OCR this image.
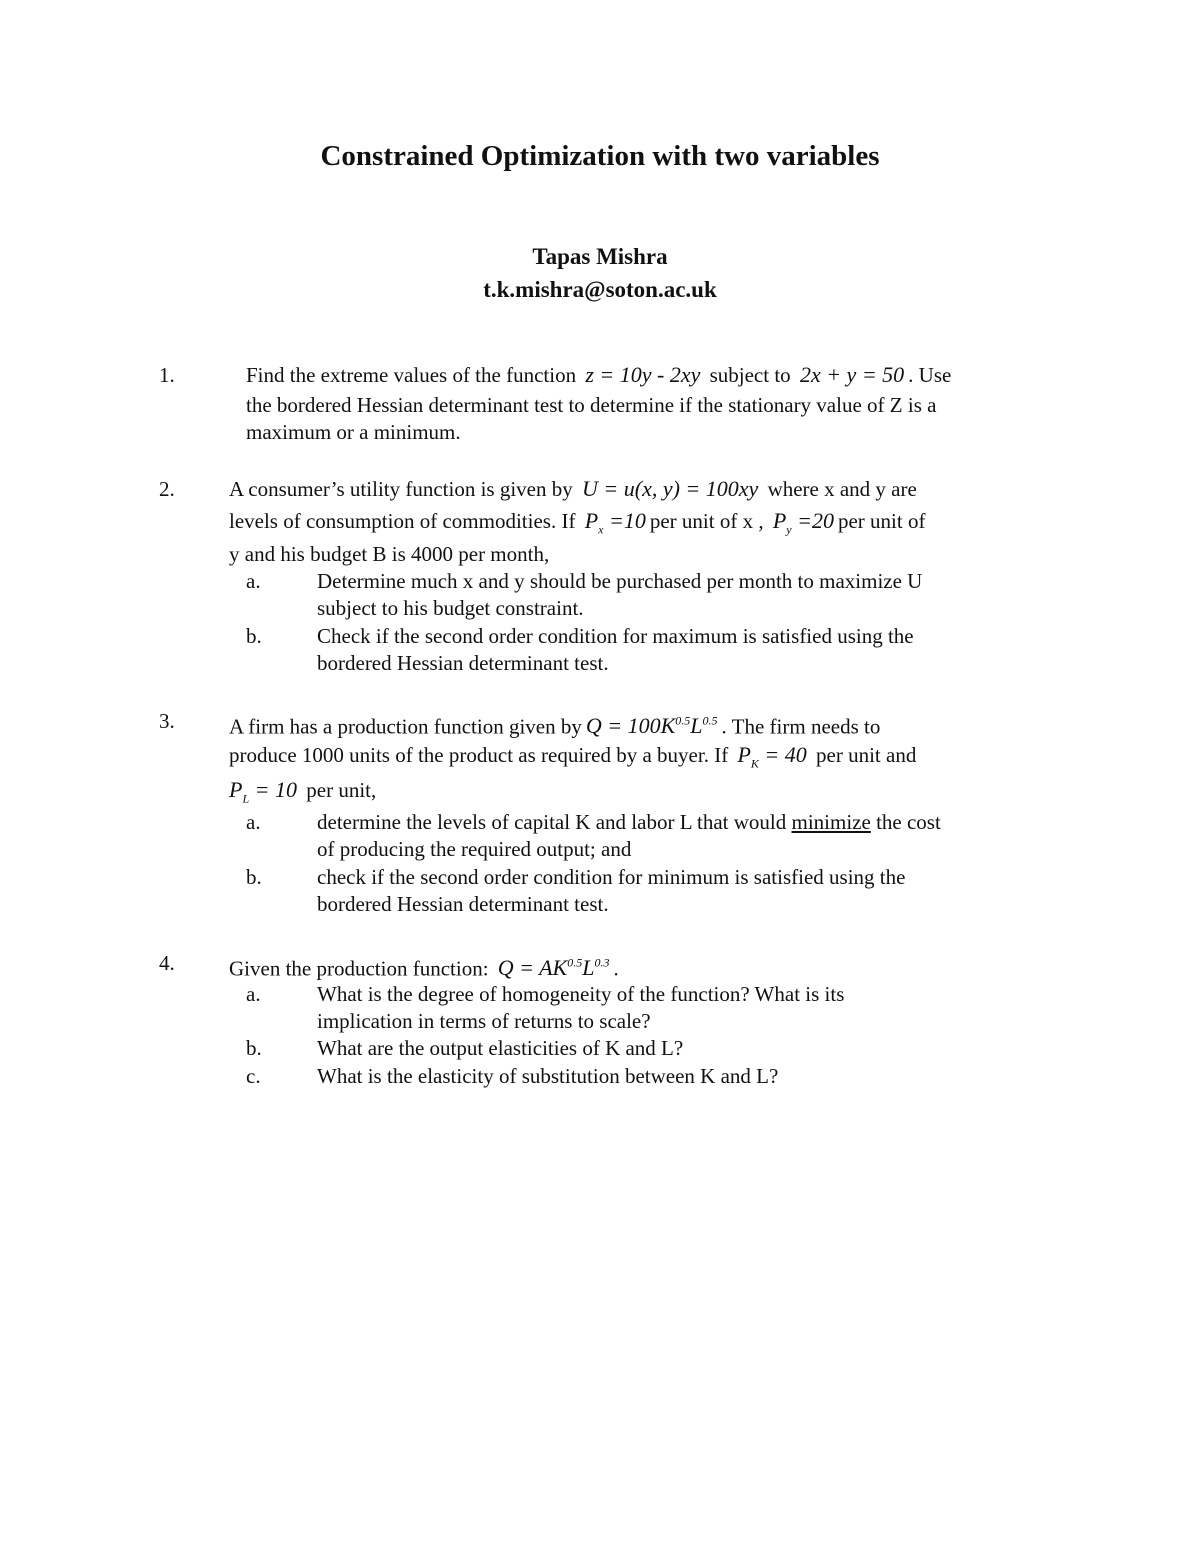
Constrained Optimization with two variables
Tapas Mishra
t.k.mishra@soton.ac.uk
1.	Find the extreme values of the function z = 10y - 2xy subject to 2x + y = 50 . Use
the bordered Hessian determinant test to determine if the stationary value of Z is a
maximum or a minimum.
2.	A consumer’s utility function is given by U = u(x, y) = 100xy where x and y are
levels of consumption of commodities. If $P_x =10$ per unit of x , $P_y =20$ per unit of
y and his budget B is 4000 per month,
a.	Determine much x and y should be purchased per month to maximize U
subject to his budget constraint.
b.	Check if the second order condition for maximum is satisfied using the
bordered Hessian determinant test.
3.	A firm has a production function given by $Q = 100K^{0.5}L^{0.5}$ . The firm needs to
produce 1000 units of the product as required by a buyer. If $P_K = 40$ per unit and
$P_L = 10$ per unit,
a.	determine the levels of capital K and labor L that would minimize the cost
of producing the required output; and
b.	check if the second order condition for minimum is satisfied using the
bordered Hessian determinant test.
4.	Given the production function: $Q = AK^{0.5}L^{0.3}$ .
a.	What is the degree of homogeneity of the function? What is its
implication in terms of returns to scale?
b.	What are the output elasticities of K and L?
c.	What is the elasticity of substitution between K and L?
